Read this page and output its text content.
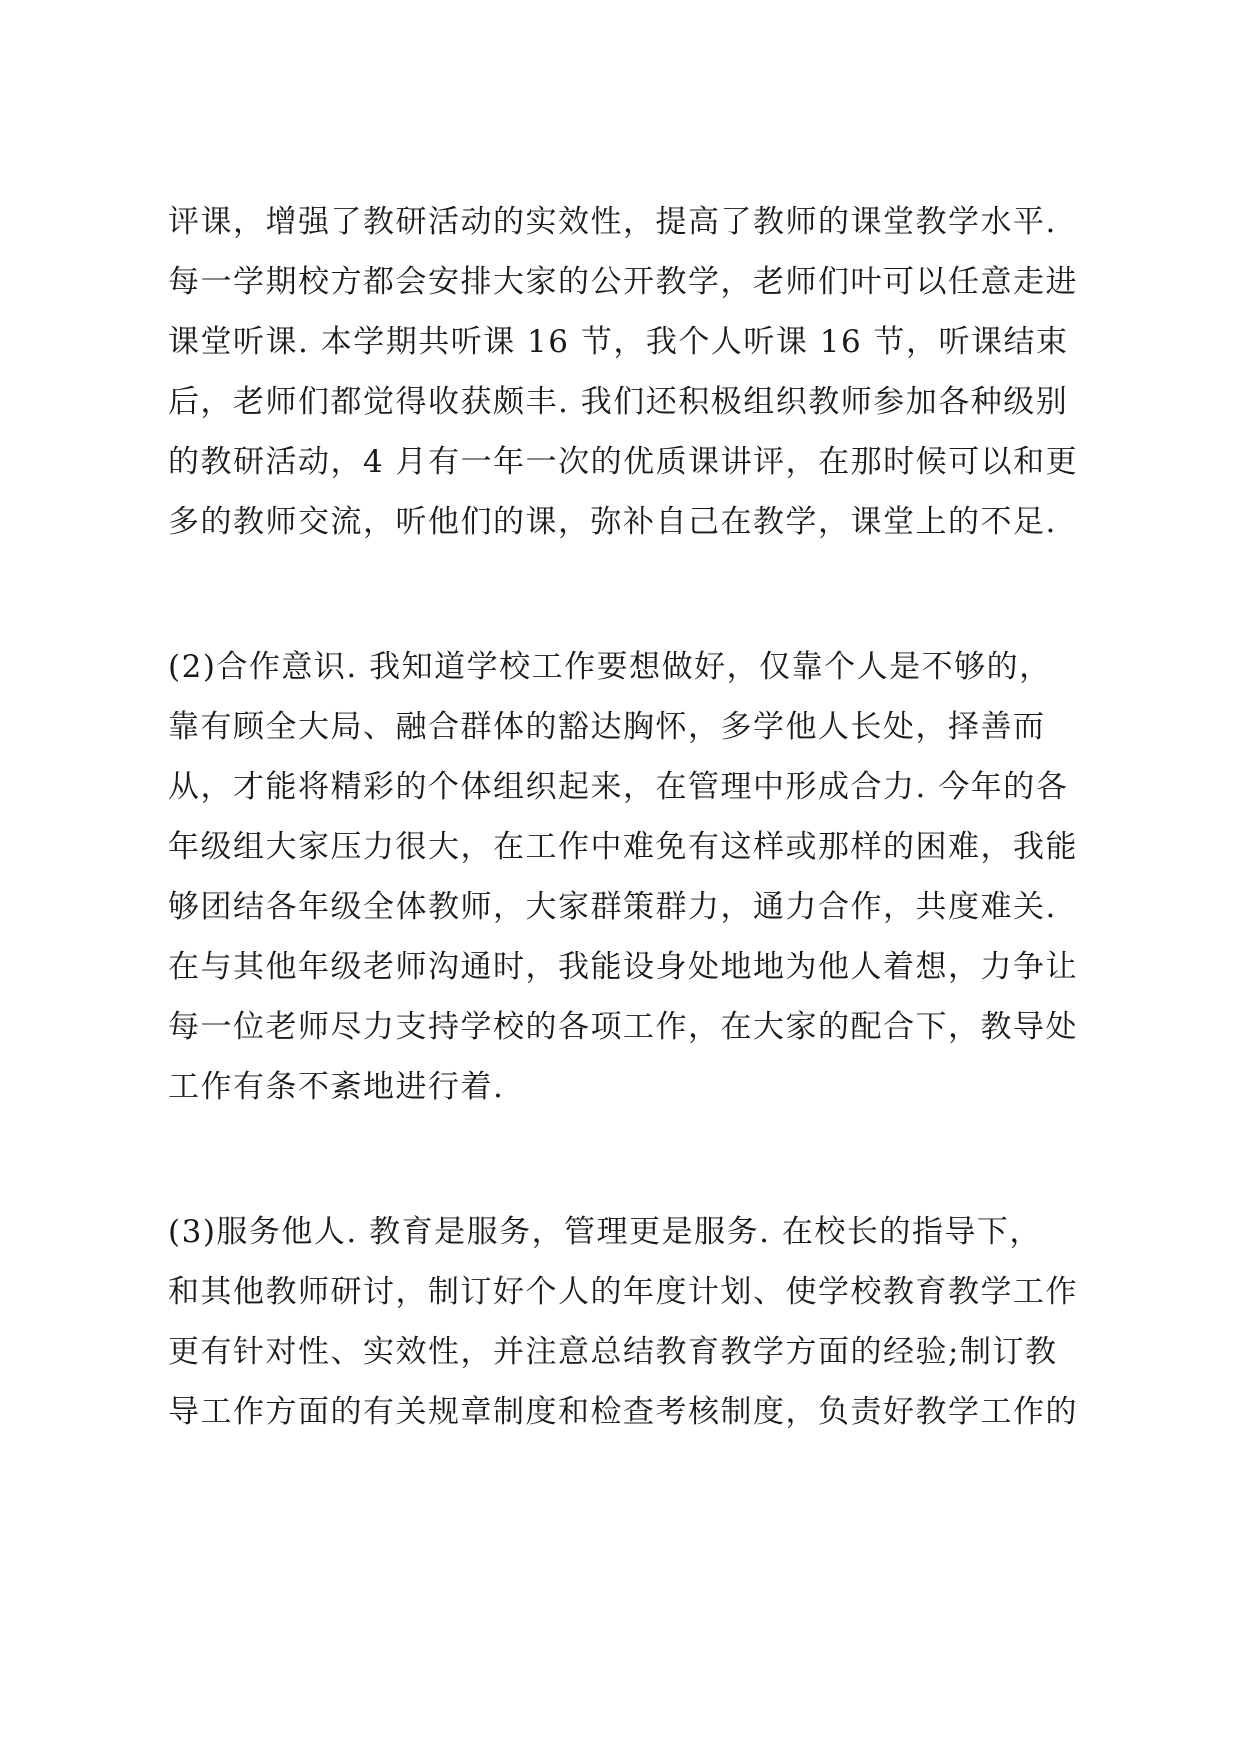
评课，增强了教研活动的实效性，提高了教师的课堂教学水平.
每一学期校方都会安排大家的公开教学，老师们叶可以任意走进
课堂听课. 本学期共听课 16 节，我个人听课 16 节，听课结束
后，老师们都觉得收获颇丰. 我们还积极组织教师参加各种级别
的教研活动，4 月有一年一次的优质课讲评，在那时候可以和更
多的教师交流，听他们的课，弥补自己在教学，课堂上的不足.
(2)合作意识. 我知道学校工作要想做好，仅靠个人是不够的，
靠有顾全大局、融合群体的豁达胸怀，多学他人长处，择善而
从，才能将精彩的个体组织起来，在管理中形成合力. 今年的各
年级组大家压力很大，在工作中难免有这样或那样的困难，我能
够团结各年级全体教师，大家群策群力，通力合作，共度难关.
在与其他年级老师沟通时，我能设身处地地为他人着想，力争让
每一位老师尽力支持学校的各项工作，在大家的配合下，教导处
工作有条不紊地进行着.
(3)服务他人. 教育是服务，管理更是服务. 在校长的指导下，
和其他教师研讨，制订好个人的年度计划、使学校教育教学工作
更有针对性、实效性，并注意总结教育教学方面的经验;制订教
导工作方面的有关规章制度和检查考核制度，负责好教学工作的
